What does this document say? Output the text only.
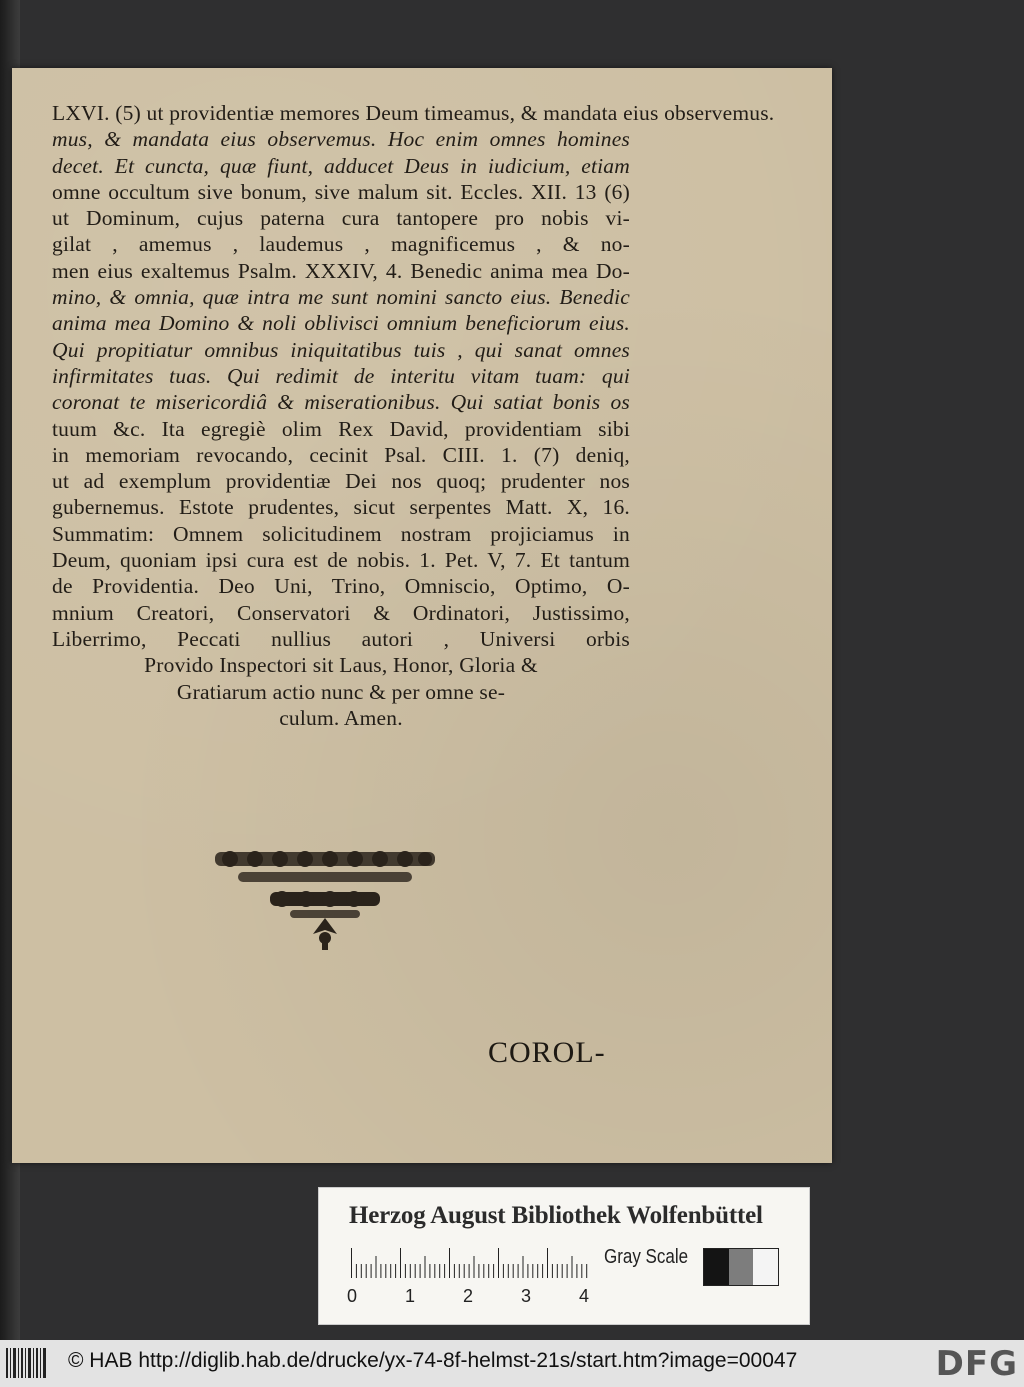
LXVI. (5) ut providentiæ memores Deum timeamus, & mandata eius observemus.
mus, & mandata eius observemus. Hoc enim omnes homines
decet. Et cuncta, quæ fiunt, adducet Deus in iudicium, etiam
omne occultum sive bonum, sive malum sit. Eccles. XII. 13 (6)
ut Dominum, cujus paterna cura tantopere pro nobis vi-
gilat , amemus , laudemus , magnificemus , & no-
men eius exaltemus Psalm. XXXIV, 4. Benedic anima mea Do-
mino, & omnia, quæ intra me sunt nomini sancto eius. Benedic
anima mea Domino & noli oblivisci omnium beneficiorum eius.
Qui propitiatur omnibus iniquitatibus tuis , qui sanat omnes
infirmitates tuas. Qui redimit de interitu vitam tuam: qui
coronat te misericordiâ & miserationibus. Qui satiat bonis os
tuum &c. Ita egregiè olim Rex David, providentiam sibi
in memoriam revocando, cecinit Psal. CIII. 1. (7) deniq,
ut ad exemplum providentiæ Dei nos quoq; prudenter nos
gubernemus. Estote prudentes, sicut serpentes Matt. X, 16.
Summatim: Omnem solicitudinem nostram projiciamus in
Deum, quoniam ipsi cura est de nobis. 1. Pet. V, 7. Et tantum
de Providentia. Deo Uni, Trino, Omniscio, Optimo, O-
mnium Creatori, Conservatori & Ordinatori, Justissimo,
Liberrimo, Peccati nullius autori , Universi orbis
Provido Inspectori sit Laus, Honor, Gloria &
Gratiarum actio nunc & per omne se-
culum. Amen.
COROL-
Herzog August Bibliothek Wolfenbüttel
0	1	2	3	4
Gray Scale
© HAB http://diglib.hab.de/drucke/yx-74-8f-helmst-21s/start.htm?image=00047	DFG
